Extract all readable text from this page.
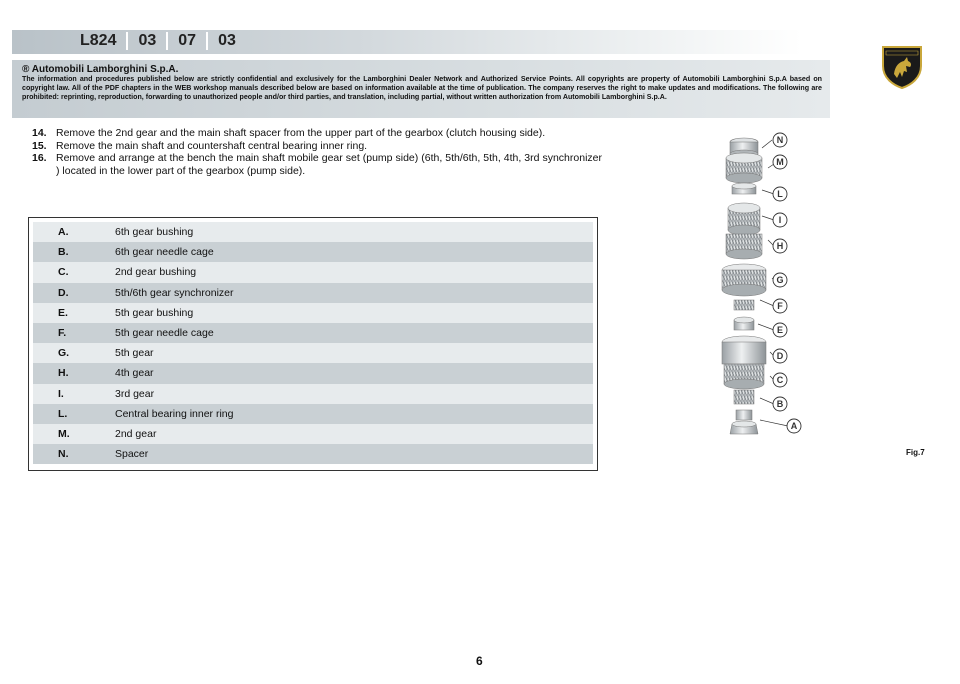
L824	03	07	03
® Automobili Lamborghini S.p.A.
The information and procedures published below are strictly confidential and exclusively for the Lamborghini Dealer Network and Authorized Service Points. All copyrights are property of Automobili Lamborghini S.p.A based on copyright law. All of the PDF chapters in the WEB workshop manuals described below are based on information available at the time of publication. The company reserves the right to make updates and modifications. The following are prohibited: reprinting, reproduction, forwarding to unauthorized people and/or third parties, and translation, including partial, without written authorization from Automobili Lamborghini S.p.A.
14. Remove the 2nd gear and the main shaft spacer from the upper part of the gearbox (clutch housing side).
15. Remove the main shaft and countershaft central bearing inner ring.
16. Remove and arrange at the bench the main shaft mobile gear set (pump side) (6th, 5th/6th, 5th, 4th, 3rd synchronizer ) located in the lower part of the gearbox (pump side).
A.	6th gear bushing
B.	6th gear needle cage
C.	2nd gear bushing
D.	5th/6th gear synchronizer
E.	5th gear bushing
F.	5th gear needle cage
G.	5th gear
H.	4th gear
I.	3rd gear
L.	Central bearing inner ring
M.	2nd gear
N.	Spacer
N
M
L
I
H
G
F
E
D
C
B
A
Fig.7
6
